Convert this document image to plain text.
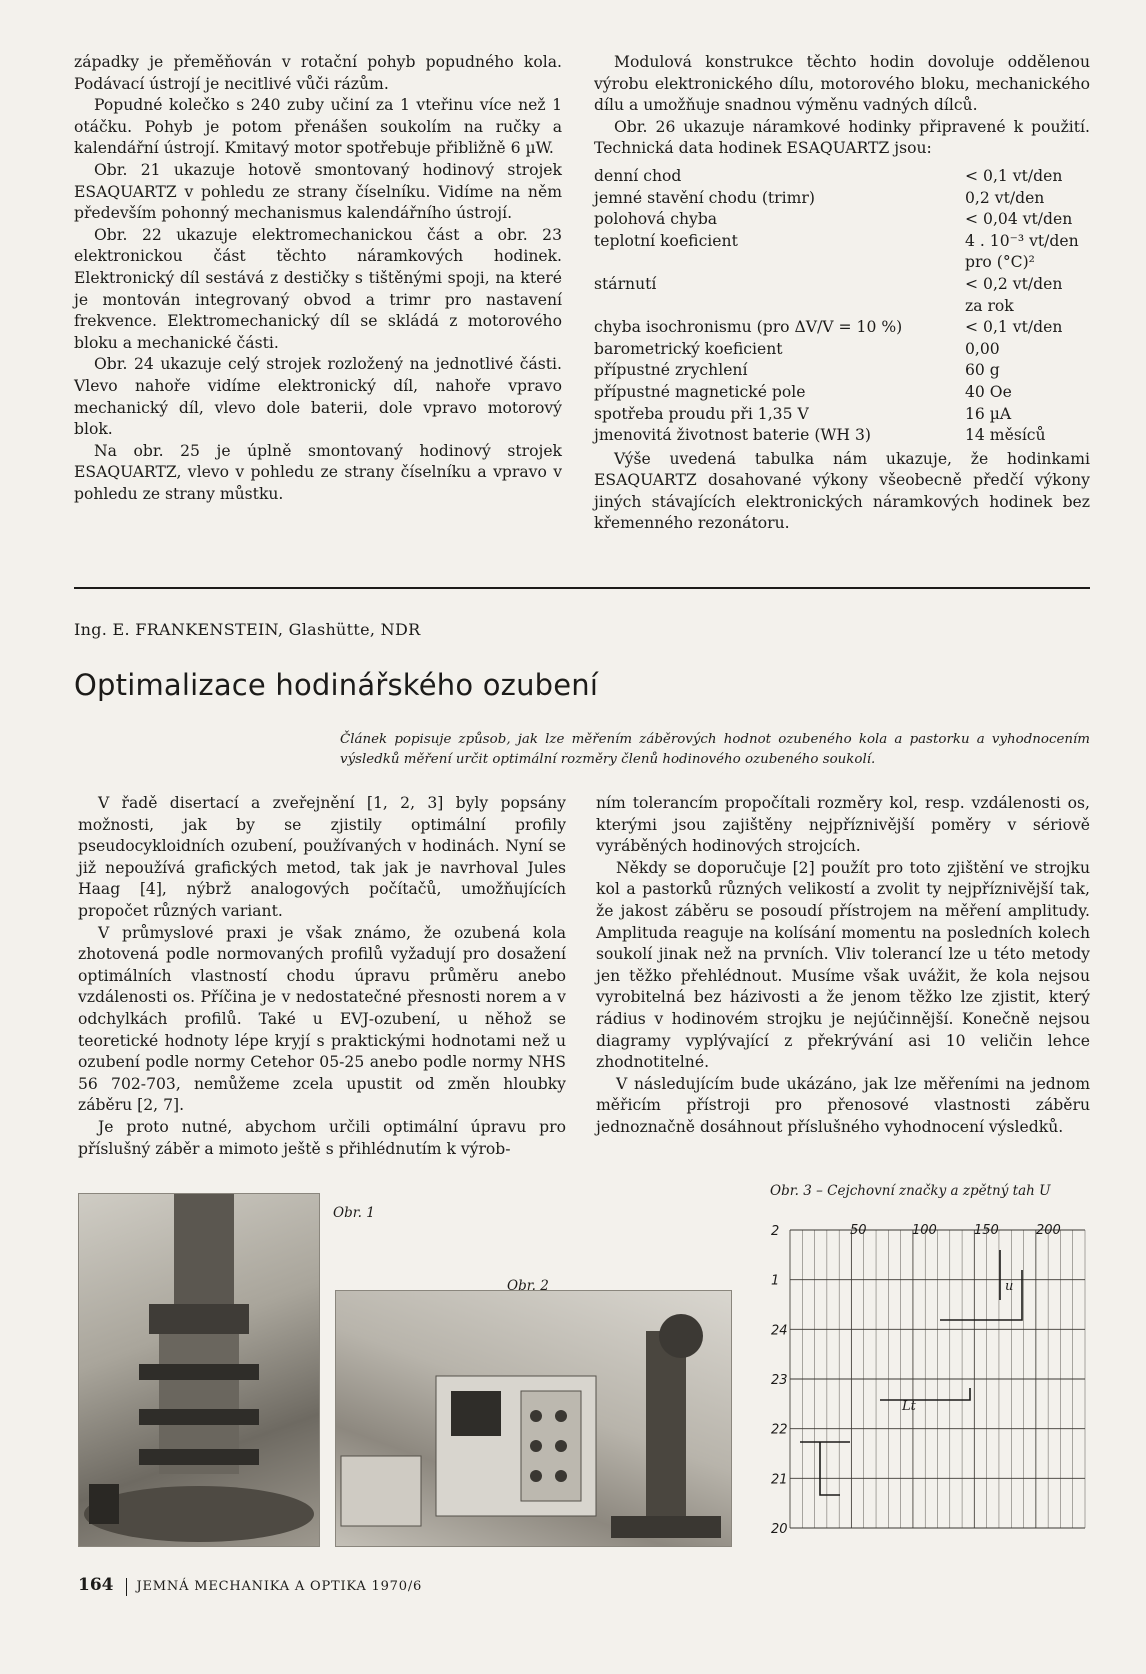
západky je přeměňován v rotační pohyb popudného kola. Podávací ústrojí je necitlivé vůči rázům.

Popudné kolečko s 240 zuby učiní za 1 vteřinu více než 1 otáčku. Pohyb je potom přenášen soukolím na ručky a kalendářní ústrojí. Kmitavý motor spotřebuje přibližně 6 µW.

Obr. 21 ukazuje hotově smontovaný hodinový strojek ESAQUARTZ v pohledu ze strany číselníku. Vidíme na něm především pohonný mechanismus kalendářního ústrojí.

Obr. 22 ukazuje elektromechanickou část a obr. 23 elektronickou část těchto náramkových hodinek. Elektronický díl sestává z destičky s tištěnými spoji, na které je montován integrovaný obvod a trimr pro nastavení frekvence. Elektromechanický díl se skládá z motorového bloku a mechanické části.

Obr. 24 ukazuje celý strojek rozložený na jednotlivé části. Vlevo nahoře vidíme elektronický díl, nahoře vpravo mechanický díl, vlevo dole baterii, dole vpravo motorový blok.

Na obr. 25 je úplně smontovaný hodinový strojek ESAQUARTZ, vlevo v pohledu ze strany číselníku a vpravo v pohledu ze strany můstku.

Modulová konstrukce těchto hodin dovoluje oddělenou výrobu elektronického dílu, motorového bloku, mechanického dílu a umožňuje snadnou výměnu vadných dílců.

Obr. 26 ukazuje náramkové hodinky připravené k použití. Technická data hodinek ESAQUARTZ jsou:

denní chod	< 0,1 vt/den
jemné stavění chodu (trimr)	0,2 vt/den
polohová chyba	< 0,04 vt/den
teplotní koeficient	4 . 10⁻³ vt/den
pro (°C)²
stárnutí	< 0,2 vt/den
za rok
chyba isochronismu (pro ΔV/V = 10 %)	< 0,1 vt/den
barometrický koeficient	0,00
přípustné zrychlení	60 g
přípustné magnetické pole	40 Oe
spotřeba proudu při 1,35 V	16 µA
jmenovitá životnost baterie (WH 3)	14 měsíců

Výše uvedená tabulka nám ukazuje, že hodinkami ESAQUARTZ dosahované výkony všeobecně předčí výkony jiných stávajících elektronických náramkových hodinek bez křemenného rezonátoru.

Ing. E. FRANKENSTEIN, Glashütte, NDR
Optimalizace hodinářského ozubení
Článek popisuje způsob, jak lze měřením záběrových hodnot ozubeného kola a pastorku a vyhodnocením výsledků měření určit optimální rozměry členů hodinového ozubeného soukolí.

V řadě disertací a zveřejnění [1, 2, 3] byly popsány možnosti, jak by se zjistily optimální profily pseudocykloidních ozubení, používaných v hodinách. Nyní se již nepoužívá grafických metod, tak jak je navrhoval Jules Haag [4], nýbrž analogových počítačů, umožňujících propočet různých variant.

V průmyslové praxi je však známo, že ozubená kola zhotovená podle normovaných profilů vyžadují pro dosažení optimálních vlastností chodu úpravu průměru anebo vzdálenosti os. Příčina je v nedostatečné přesnosti norem a v odchylkách profilů. Také u EVJ-ozubení, u něhož se teoretické hodnoty lépe kryjí s praktickými hodnotami než u ozubení podle normy Cetehor 05-25 anebo podle normy NHS 56 702-703, nemůžeme zcela upustit od změn hloubky záběru [2, 7].

Je proto nutné, abychom určili optimální úpravu pro příslušný záběr a mimoto ještě s přihlédnutím k výrob-

ním tolerancím propočítali rozměry kol, resp. vzdálenosti os, kterými jsou zajištěny nejpříznivější poměry v sériově vyráběných hodinových strojcích.

Někdy se doporučuje [2] použít pro toto zjištění ve strojku kol a pastorků různých velikostí a zvolit ty nejpříznivější tak, že jakost záběru se posoudí přístrojem na měření amplitudy. Amplituda reaguje na kolísání momentu na posledních kolech soukolí jinak než na prvních. Vliv tolerancí lze u této metody jen těžko přehlédnout. Musíme však uvážit, že kola nejsou vyrobitelná bez házivosti a že jenom těžko lze zjistit, který rádius v hodinovém strojku je nejúčinnější. Konečně nejsou diagramy vyplývající z překrývání asi 10 veličin lehce zhodnotitelné.

V následujícím bude ukázáno, jak lze měřeními na jednom měřicím přístroji pro přenosové vlastnosti záběru jednoznačně dosáhnout příslušného vyhodnocení výsledků.

Obr. 1
Obr. 2
Obr. 3 – Cejchovní značky a zpětný tah U
2
1
24
23
22
21
20
50	100	150	200
u
Lt
164 JEMNÁ MECHANIKA A OPTIKA 1970/6
